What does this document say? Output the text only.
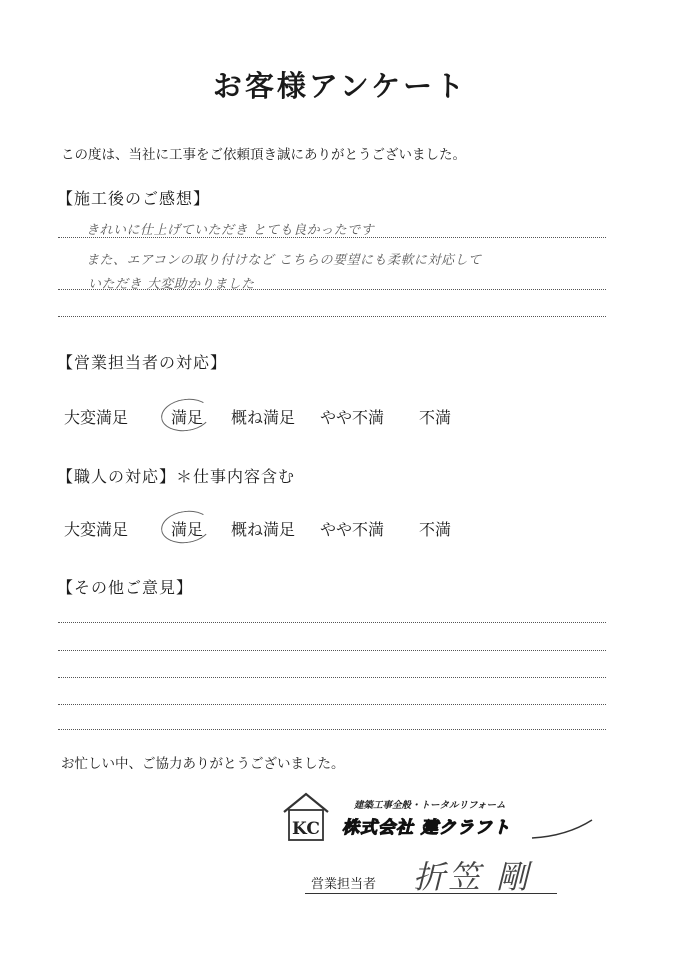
お客様アンケート
この度は、当社に工事をご依頼頂き誠にありがとうございました。
【施工後のご感想】
きれいに仕上げていただき とても良かったです
また、エアコンの取り付けなど こちらの要望にも柔軟に対応して
いただき 大変助かりました
【営業担当者の対応】
大変満足	満足 概ね満足 やや不満 不満
【職人の対応】＊仕事内容含む
大変満足	満足 概ね満足 やや不満 不満
【その他ご意見】
お忙しい中、ご協力ありがとうございました。
KC
建築工事全般・トータルリフォーム
株式会社 建クラフト
営業担当者 折笠 剛
